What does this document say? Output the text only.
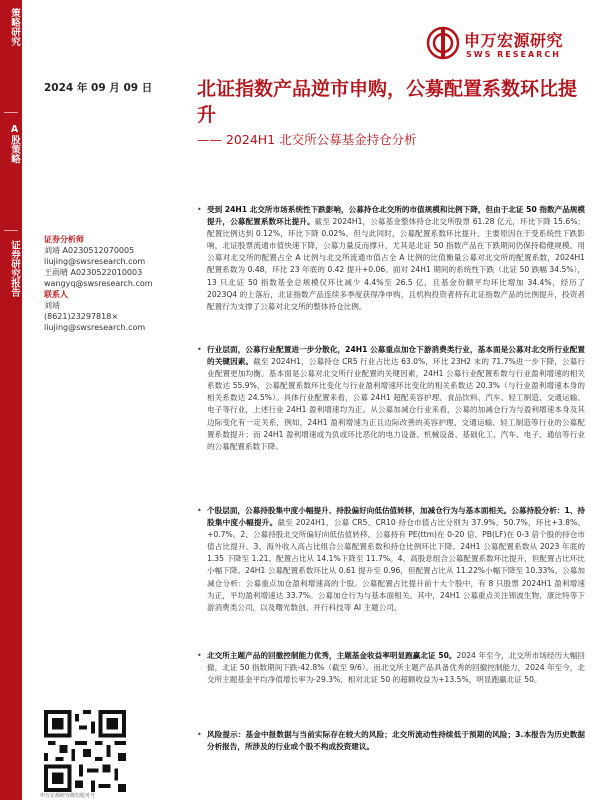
策略研究
A股策略
证券研究报告
申万宏源研究
SWS RESEARCH
2024 年 09 月 09 日 北证指数产品逆市申购，公募配置系数环比提升
—— 2024H1 北交所公募基金持仓分析
证券分析师
刘靖 A0230512070005
liujing@swsresearch.com
王雨晴 A0230522010003
wangyq@swsresearch.com
联系人
刘靖
(8621)23297818×
liujing@swsresearch.com
申万宏源研究微信服务号
• 受到 24H1 北交所市场系统性下跌影响，公募持仓北交所的市值规模和比例下降，但由于北证 50 指数产品规模提升，公募配置系数环比提升。截至 2024H1，公募基金整体持仓北交所股票 61.28 亿元，环比下降 15.6%；配置比例达到 0.12%，环比下降 0.02%。但与此同时，公募配置系数环比提升，主要原因在于受系统性下跌影响，北证股票流通市值快速下降，公募力量反而撑升，尤其是北证 50 指数产品在下跌期间仍保持稳健规模。用公募对北交所的配置占全 A 比例与北交所流通市值占全 A 比例的比值衡量公募对北交所的配置系数，2024H1 配置系数为 0.48，环比 23 年底的 0.42 提升+0.06。面对 24H1 期间的系统性下跌（北证 50 跌幅 34.5%），13 只北证 50 指数基金总规模仅环比减少 4.4%至 26.5 亿，且基金份额平均环比增加 34.4%，经历了 2023Q4 的上落后，北证指数产品连续多季度获得净申购，且机构投资者持有北证指数产品的比例提升，投资者配置行为支撑了公募对北交所的整体持仓比例。
• 行业层面，公募行业配置进一步分散化，24H1 公募重点加仓下游消费类行业，基本面是公募对北交所行业配置的关键因素。截至 2024H1，公募持仓 CR5 行业占比达 63.0%，环比 23H2 末的 71.7%进一步下降，公募行业配置更加均衡。基本面是公募对北交所行业配置的关键因素，24H1 公募行业配置系数与行业盈利增速的相关系数达 55.9%，公募配置系数环比变化与行业盈利增速环比变化的相关系数达 20.3%（与行业盈利增速本身的相关系数达 24.5%）。具体行业配置来看，公募 24H1 超配美容护理、食品饮料、汽车、轻工制造、交通运输、电子等行业，上述行业 24H1 盈利增速均为正。从公募加减仓行业来看，公募的加减仓行为与盈利增速本身及其边际变化有一定关系，例如，24H1 盈利增速为正且边际改善的美容护理、交通运输、轻工制造等行业的公募配置系数提升；而 24H1 盈利增速或为负或环比恶化的电力设备、机械设备、基础化工、汽车、电子、通信等行业的公募配置系数下降。
• 个股层面，公募持股集中度小幅提升、持股偏好向低估值转移，加减仓行为与基本面相关。公募持股分析：1、持股集中度小幅提升。截至 2024H1，公募 CR5、CR10 持仓市值占比分别为 37.9%、50.7%，环比+3.8%、+0.7%。2、公募持股北交所偏好向低估值转移。公募持有 PE(ttm)在 0-20 倍、PB(LF)在 0-3 倍个股的持仓市值占比提升。3、海外收入高占比组合公募配置系数和持仓比例环比下降。24H1 公募配置系数从 2023 年底的 1.35 下降至 1.21、配置占比从 14.1%下降至 11.7%。4、高股息组合公募配置系数环比提升，但配置占比环比小幅下降。24H1 公募配置系数环比从 0.61 提升至 0.96，但配置占比从 11.22%小幅下降至 10.33%。公募加减仓分析：公募重点加仓盈利增速高的个股。公募配置占比提升前十大个股中，有 8 只股票 2024H1 盈利增速为正，平均盈利增速达 33.7%。公募加仓行为与基本面相关。其中，24H1 公募重点关注锦波生物、康比特等下游消费类公司，以及曙光数创、并行科技等 AI 主题公司。
• 北交所主题产品的回撤控制能力优秀，主题基金收益率明显跑赢北证 50。2024 年至今，北交所市场经历大幅回撤，北证 50 指数期间下跌-42.8%（截至 9/6）。而北交所主题产品具备优秀的回撤控制能力，2024 年至今，北交所主题基金平均净值增长率为-29.3%，相对北证 50 的超额收益为+13.5%，明显跑赢北证 50。
• 风险提示：基金中报数据与当前实际存在较大的风险；北交所流动性持续低于预期的风险；3.本报告为历史数据分析报告，所涉及的行业或个股不构成投资建议。
